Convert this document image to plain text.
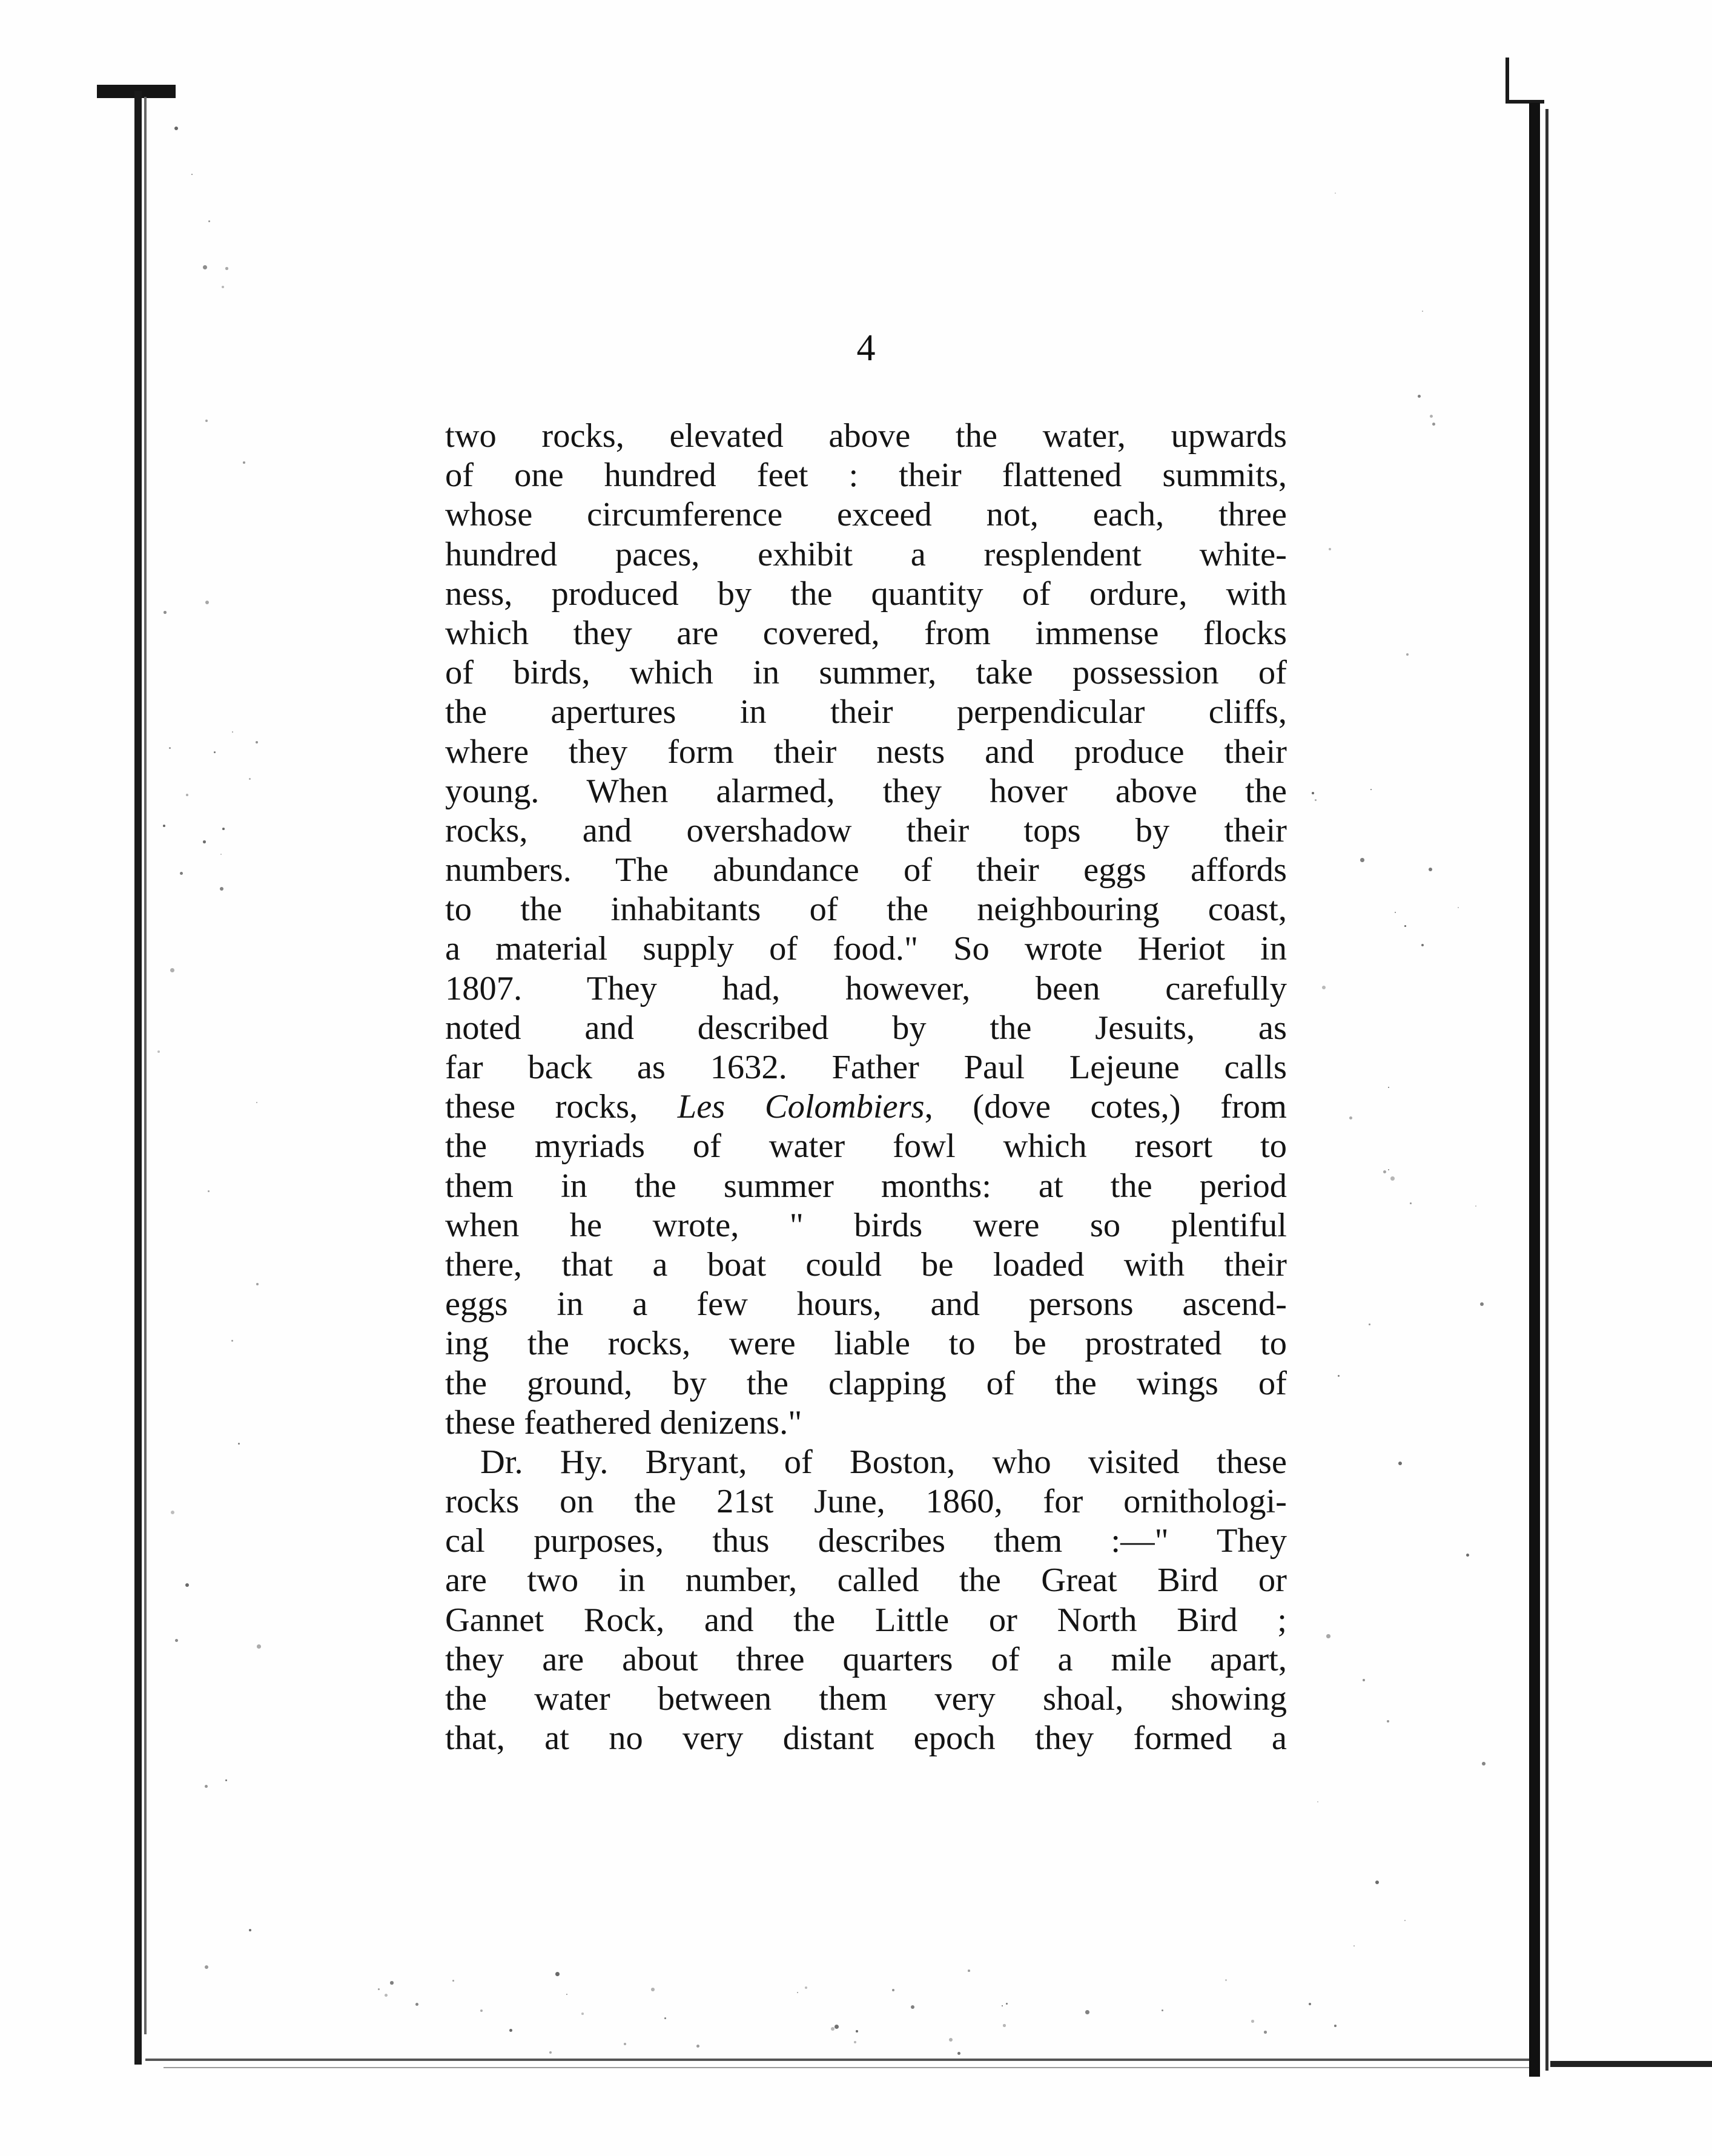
4
two rocks, elevated above the water, upwards
of one hundred feet : their flattened summits,
whose circumference exceed not, each, three
hundred paces, exhibit a resplendent white-
ness, produced by the quantity of ordure, with
which they are covered, from immense flocks
of birds, which in summer, take possession of
the apertures in their perpendicular cliffs,
where they form their nests and produce their
young. When alarmed, they hover above the
rocks, and overshadow their tops by their
numbers. The abundance of their eggs affords
to the inhabitants of the neighbouring coast,
a material supply of food." So wrote Heriot in
1807. They had, however, been carefully
noted and described by the Jesuits, as
far back as 1632. Father Paul Lejeune calls
these rocks, Les Colombiers, (dove cotes,) from
the myriads of water fowl which resort to
them in the summer months: at the period
when he wrote, " birds were so plentiful
there, that a boat could be loaded with their
eggs in a few hours, and persons ascend-
ing the rocks, were liable to be prostrated to
the ground, by the clapping of the wings of
these feathered denizens."
Dr. Hy. Bryant, of Boston, who visited these
rocks on the 21st June, 1860, for ornithologi-
cal purposes, thus describes them :—" They
are two in number, called the Great Bird or
Gannet Rock, and the Little or North Bird ;
they are about three quarters of a mile apart,
the water between them very shoal, showing
that, at no very distant epoch they formed a
